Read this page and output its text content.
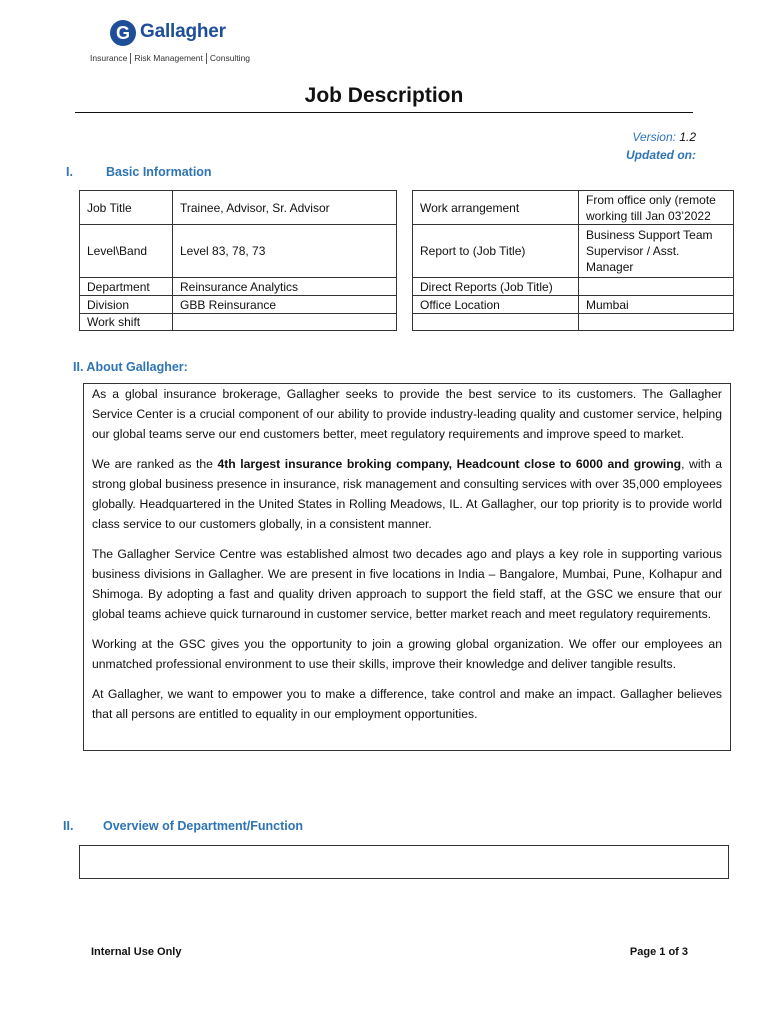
G Gallagher
Insurance Risk Management Consulting
Job Description
Version: 1.2
Updated on:
I.	Basic Information
Job Title	Trainee, Advisor, Sr. Advisor
Level\Band	Level 83, 78, 73
Department	Reinsurance Analytics
Division	GBB Reinsurance
Work shift	
Work arrangement	From office only (remote working till Jan 03’2022
Report to (Job Title)	Business Support Team Supervisor / Asst. Manager
Direct Reports (Job Title)	
Office Location	Mumbai

II. About Gallagher:

As a global insurance brokerage, Gallagher seeks to provide the best service to its customers. The Gallagher Service Center is a crucial component of our ability to provide industry-leading quality and customer service, helping our global teams serve our end customers better, meet regulatory requirements and improve speed to market.

We are ranked as the 4th largest insurance broking company, Headcount close to 6000 and growing, with a strong global business presence in insurance, risk management and consulting services with over 35,000 employees globally. Headquartered in the United States in Rolling Meadows, IL. At Gallagher, our top priority is to provide world class service to our customers globally, in a consistent manner.

The Gallagher Service Centre was established almost two decades ago and plays a key role in supporting various business divisions in Gallagher. We are present in five locations in India – Bangalore, Mumbai, Pune, Kolhapur and Shimoga. By adopting a fast and quality driven approach to support the field staff, at the GSC we ensure that our global teams achieve quick turnaround in customer service, better market reach and meet regulatory requirements.

Working at the GSC gives you the opportunity to join a growing global organization. We offer our employees an unmatched professional environment to use their skills, improve their knowledge and deliver tangible results.

At Gallagher, we want to empower you to make a difference, take control and make an impact. Gallagher believes that all persons are entitled to equality in our employment opportunities.

II. Overview of Department/Function
Internal Use Only	Page 1 of 3
